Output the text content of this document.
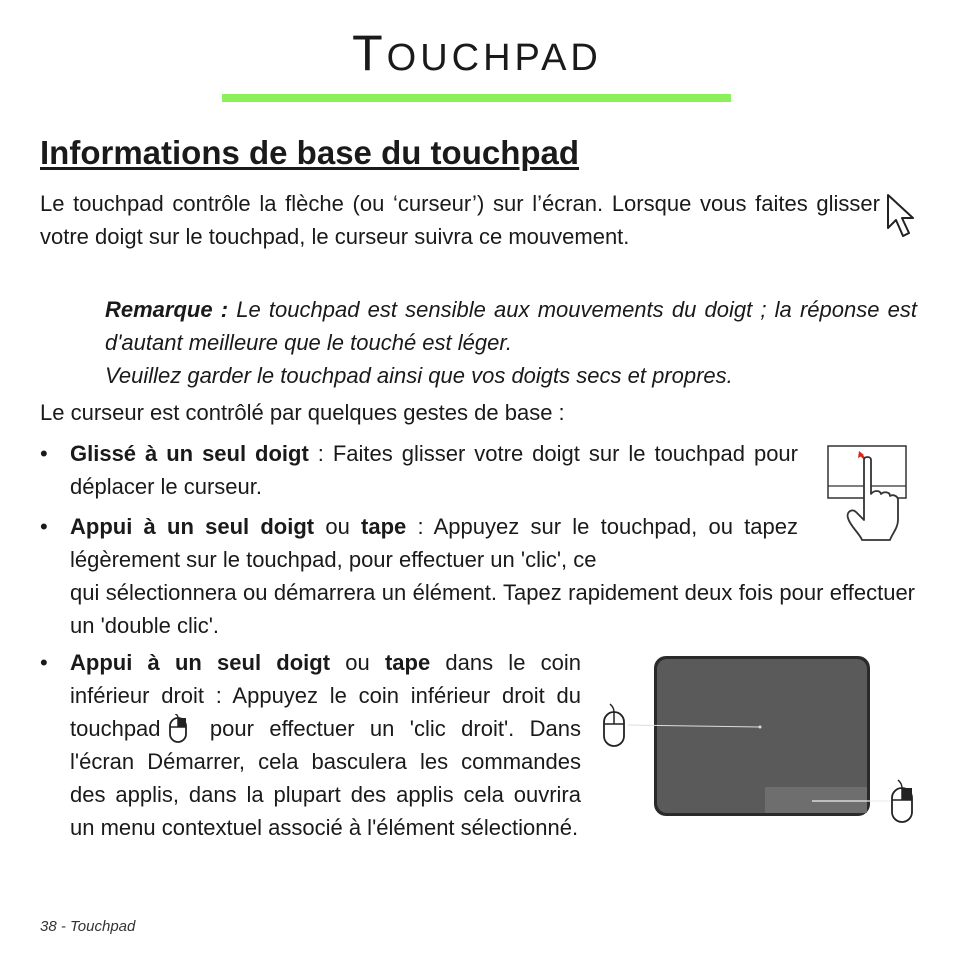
TOUCHPAD
Informations de base du touchpad
Le touchpad contrôle la flèche (ou ‘curseur’) sur l’écran. Lorsque vous faites glisser votre doigt sur le touchpad, le curseur suivra ce mouvement.
Remarque : Le touchpad est sensible aux mouvements du doigt ; la réponse est d'autant meilleure que le touché est léger.
Veuillez garder le touchpad ainsi que vos doigts secs et propres.
Le curseur est contrôlé par quelques gestes de base :
• Glissé à un seul doigt : Faites glisser votre doigt sur le touchpad pour déplacer le curseur.
• Appui à un seul doigt ou tape : Appuyez sur le touchpad, ou tapez légèrement sur le touchpad, pour effectuer un 'clic', ce
qui sélectionnera ou démarrera un élément. Tapez rapidement deux fois pour effectuer un 'double clic'.
• Appui à un seul doigt ou tape dans le coin inférieur droit : Appuyez le coin inférieur droit du touchpad pour effectuer un 'clic droit'. Dans l'écran Démarrer, cela basculera les commandes des applis, dans la plupart des applis cela ouvrira un menu contextuel associé à l'élément sélectionné.
38 - Touchpad
